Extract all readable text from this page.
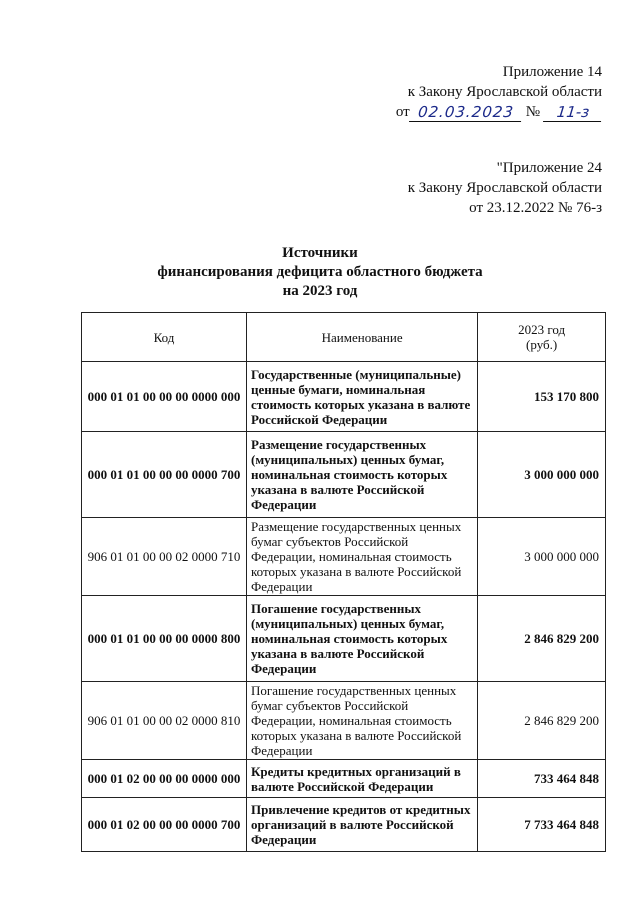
Приложение 14
к Закону Ярославской области
от 02.03.2023 №	11-з
"Приложение 24
к Закону Ярославской области
от 23.12.2022 № 76-з
Источники
финансирования дефицита областного бюджета
на 2023 год
Код	Наименование	2023 год
(руб.)

000 01 01 00 00 00 0000 000	Государственные (муниципальные) ценные бумаги, номинальная стоимость которых указана в валюте Российской Федерации	153 170 800
000 01 01 00 00 00 0000 700	Размещение государственных (муниципальных) ценных бумаг, номинальная стоимость которых указана в валюте Российской Федерации	3 000 000 000
906 01 01 00 00 02 0000 710	Размещение государственных ценных бумаг субъектов Российской Федерации, номинальная стоимость которых указана в валюте Российской Федерации	3 000 000 000
000 01 01 00 00 00 0000 800	Погашение государственных (муниципальных) ценных бумаг, номинальная стоимость которых указана в валюте Российской Федерации	2 846 829 200
906 01 01 00 00 02 0000 810	Погашение государственных ценных бумаг субъектов Российской Федерации, номинальная стоимость которых указана в валюте Российской Федерации	2 846 829 200
000 01 02 00 00 00 0000 000	Кредиты кредитных организаций в валюте Российской Федерации	733 464 848
000 01 02 00 00 00 0000 700	Привлечение кредитов от кредитных организаций в валюте Российской Федерации	7 733 464 848
